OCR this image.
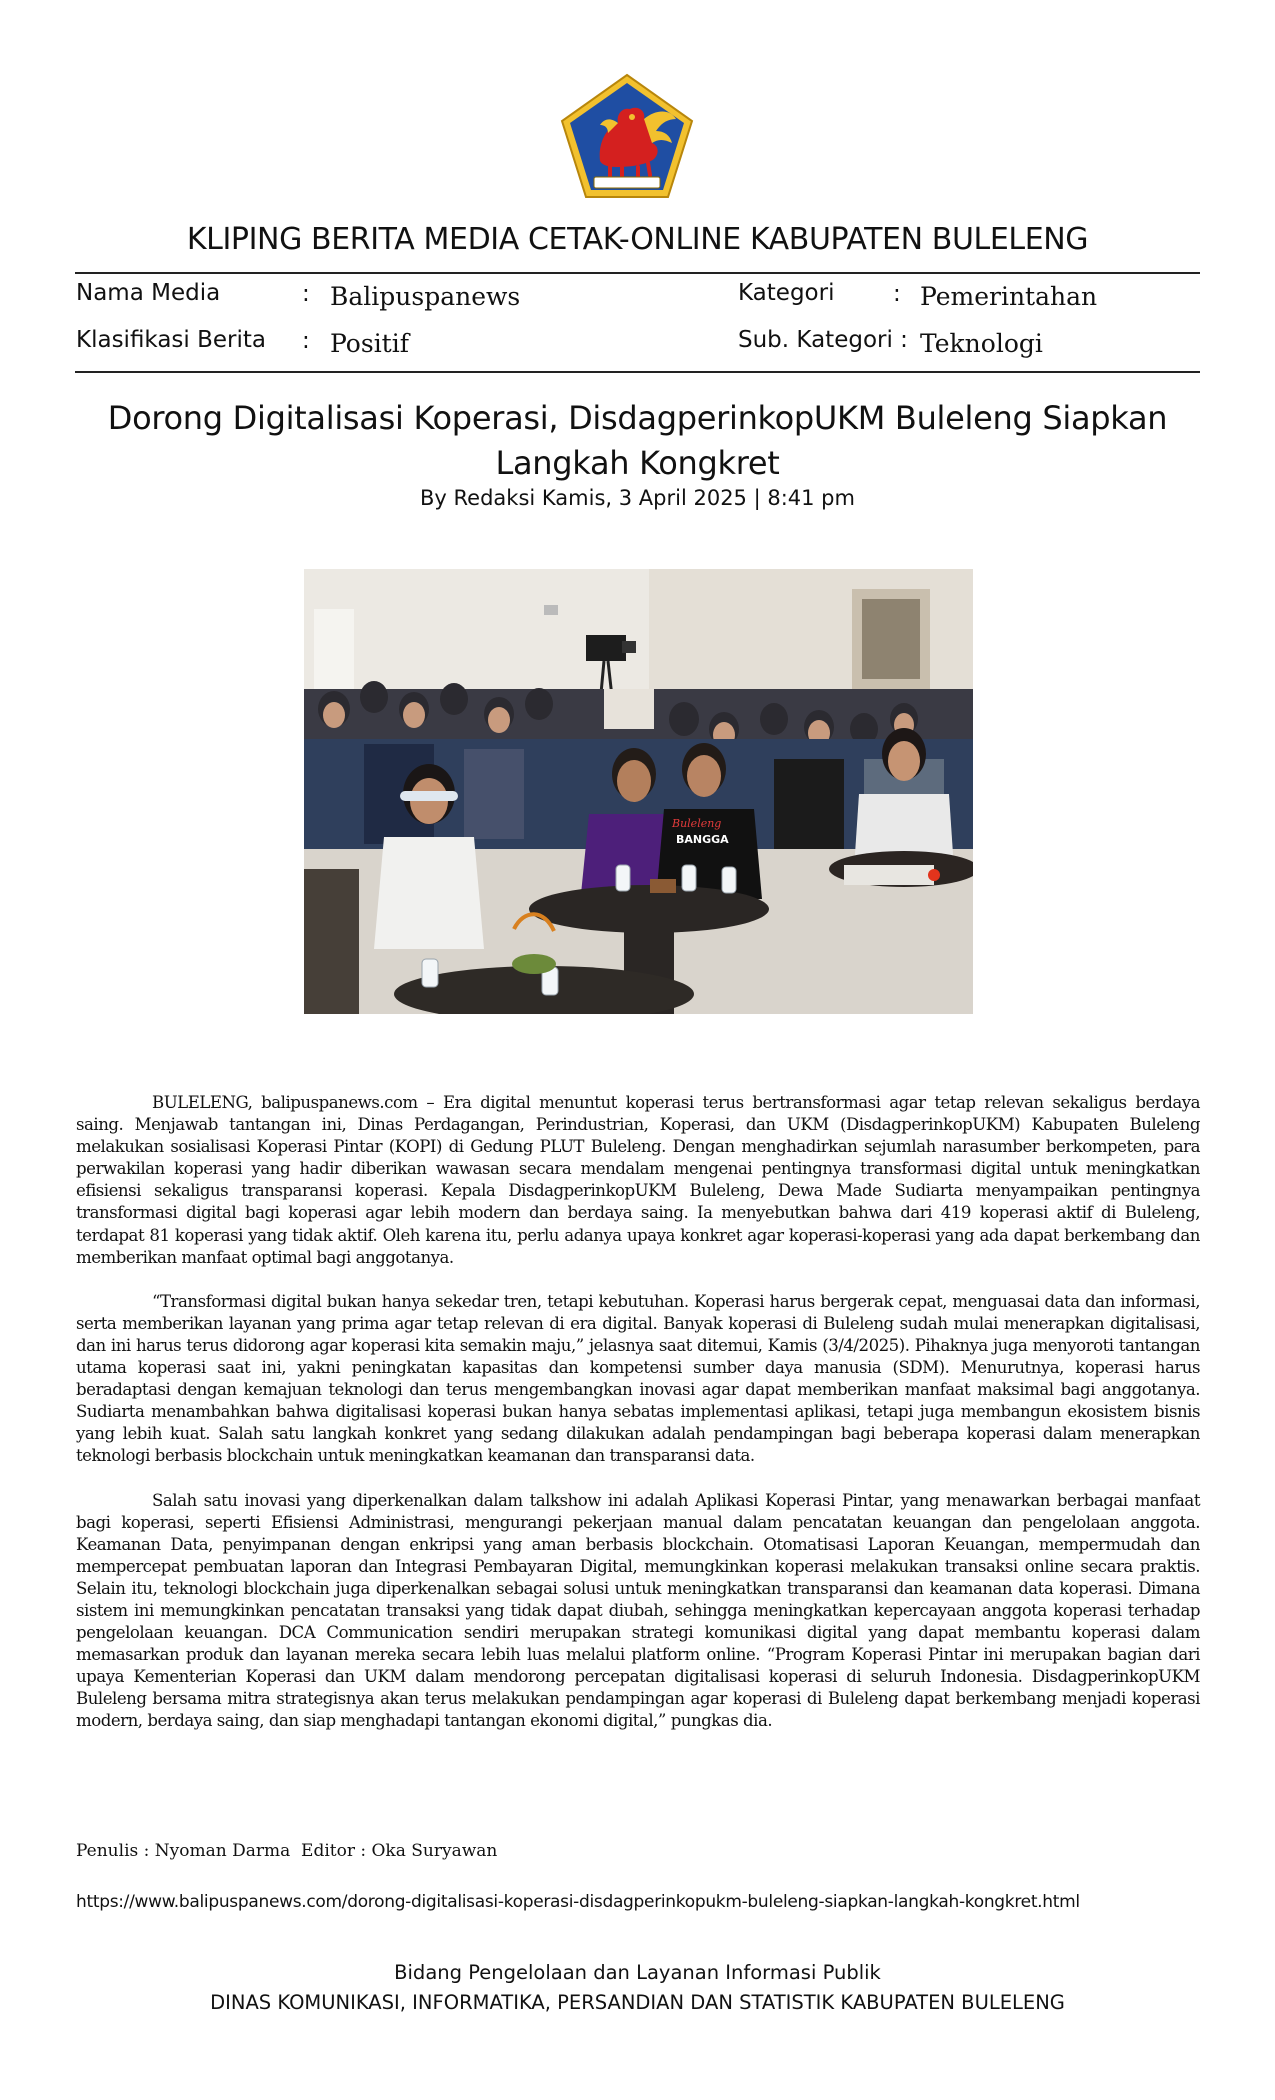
KLIPING BERITA MEDIA CETAK-ONLINE KABUPATEN BULELENG
Nama Media	: Balipuspanews
Klasifikasi Berita : Positif
Kategori	: Pemerintahan
Sub. Kategori : Teknologi
Dorong Digitalisasi Koperasi, DisdagperinkopUKM Buleleng Siapkan Langkah Kongkret
By Redaksi Kamis, 3 April 2025 | 8:41 pm
Buleleng
BANGGA

BULELENG, balipuspanews.com – Era digital menuntut koperasi terus bertransformasi agar tetap relevan sekaligus berdaya saing. Menjawab tantangan ini, Dinas Perdagangan, Perindustrian, Koperasi, dan UKM (DisdagperinkopUKM) Kabupaten Buleleng melakukan sosialisasi Koperasi Pintar (KOPI) di Gedung PLUT Buleleng. Dengan menghadirkan sejumlah narasumber berkompeten, para perwakilan koperasi yang hadir diberikan wawasan secara mendalam mengenai pentingnya transformasi digital untuk meningkatkan efisiensi sekaligus transparansi koperasi. Kepala DisdagperinkopUKM Buleleng, Dewa Made Sudiarta menyampaikan pentingnya transformasi digital bagi koperasi agar lebih modern dan berdaya saing. Ia menyebutkan bahwa dari 419 koperasi aktif di Buleleng, terdapat 81 koperasi yang tidak aktif. Oleh karena itu, perlu adanya upaya konkret agar koperasi-koperasi yang ada dapat berkembang dan memberikan manfaat optimal bagi anggotanya.

“Transformasi digital bukan hanya sekedar tren, tetapi kebutuhan. Koperasi harus bergerak cepat, menguasai data dan informasi, serta memberikan layanan yang prima agar tetap relevan di era digital. Banyak koperasi di Buleleng sudah mulai menerapkan digitalisasi, dan ini harus terus didorong agar koperasi kita semakin maju,” jelasnya saat ditemui, Kamis (3/4/2025). Pihaknya juga menyoroti tantangan utama koperasi saat ini, yakni peningkatan kapasitas dan kompetensi sumber daya manusia (SDM). Menurutnya, koperasi harus beradaptasi dengan kemajuan teknologi dan terus mengembangkan inovasi agar dapat memberikan manfaat maksimal bagi anggotanya. Sudiarta menambahkan bahwa digitalisasi koperasi bukan hanya sebatas implementasi aplikasi, tetapi juga membangun ekosistem bisnis yang lebih kuat. Salah satu langkah konkret yang sedang dilakukan adalah pendampingan bagi beberapa koperasi dalam menerapkan teknologi berbasis blockchain untuk meningkatkan keamanan dan transparansi data.

Salah satu inovasi yang diperkenalkan dalam talkshow ini adalah Aplikasi Koperasi Pintar, yang menawarkan berbagai manfaat bagi koperasi, seperti Efisiensi Administrasi, mengurangi pekerjaan manual dalam pencatatan keuangan dan pengelolaan anggota. Keamanan Data, penyimpanan dengan enkripsi yang aman berbasis blockchain. Otomatisasi Laporan Keuangan, mempermudah dan mempercepat pembuatan laporan dan Integrasi Pembayaran Digital, memungkinkan koperasi melakukan transaksi online secara praktis. Selain itu, teknologi blockchain juga diperkenalkan sebagai solusi untuk meningkatkan transparansi dan keamanan data koperasi. Dimana sistem ini memungkinkan pencatatan transaksi yang tidak dapat diubah, sehingga meningkatkan kepercayaan anggota koperasi terhadap pengelolaan keuangan. DCA Communication sendiri merupakan strategi komunikasi digital yang dapat membantu koperasi dalam memasarkan produk dan layanan mereka secara lebih luas melalui platform online. “Program Koperasi Pintar ini merupakan bagian dari upaya Kementerian Koperasi dan UKM dalam mendorong percepatan digitalisasi koperasi di seluruh Indonesia. DisdagperinkopUKM Buleleng bersama mitra strategisnya akan terus melakukan pendampingan agar koperasi di Buleleng dapat berkembang menjadi koperasi modern, berdaya saing, dan siap menghadapi tantangan ekonomi digital,” pungkas dia.

Penulis : Nyoman Darma  Editor : Oka Suryawan
https://www.balipuspanews.com/dorong-digitalisasi-koperasi-disdagperinkopukm-buleleng-siapkan-langkah-kongkret.html
Bidang Pengelolaan dan Layanan Informasi Publik
DINAS KOMUNIKASI, INFORMATIKA, PERSANDIAN DAN STATISTIK KABUPATEN BULELENG
